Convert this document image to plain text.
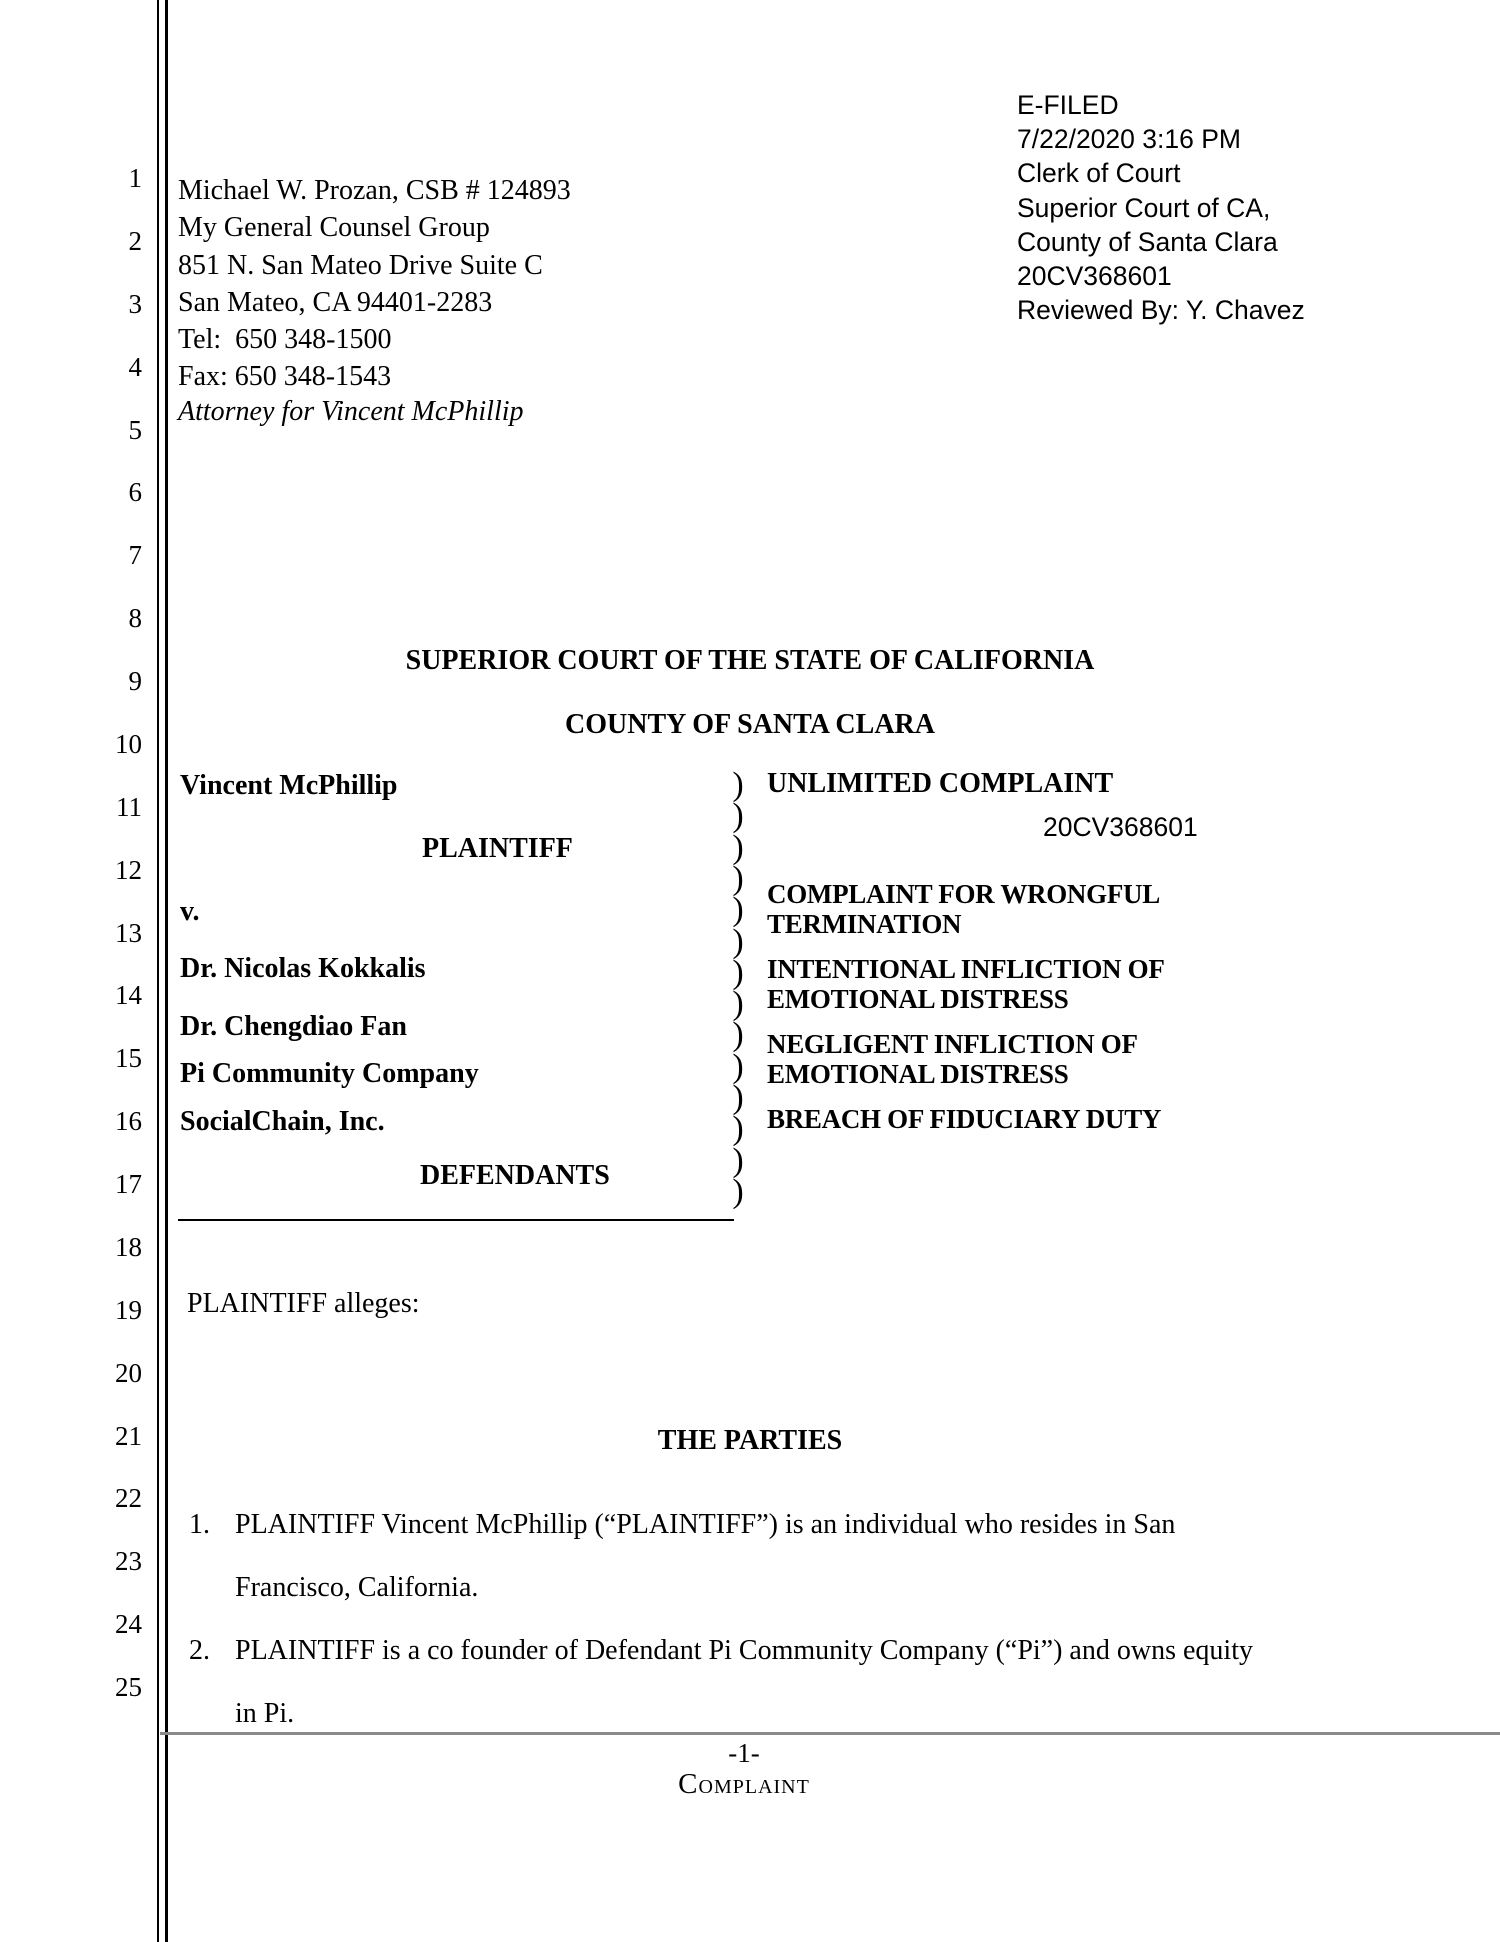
1
2
3
4
5
6
7
8
9
10
11
12
13
14
15
16
17
18
19
20
21
22
23
24
25
E-FILED
7/22/2020 3:16 PM
Clerk of Court
Superior Court of CA,
County of Santa Clara
20CV368601
Reviewed By: Y. Chavez
Michael W. Prozan, CSB # 124893
My General Counsel Group
851 N. San Mateo Drive Suite C
San Mateo, CA 94401-2283
Tel:  650 348-1500
Fax: 650 348-1543
Attorney for Vincent McPhillip
SUPERIOR COURT OF THE STATE OF CALIFORNIA
COUNTY OF SANTA CLARA
Vincent McPhillip
PLAINTIFF
v.
Dr. Nicolas Kokkalis
Dr. Chengdiao Fan
Pi Community Company
SocialChain, Inc.
DEFENDANTS
)
)
)
)
)
)
)
)
)
)
)
)
)
)
UNLIMITED COMPLAINT
20CV368601
COMPLAINT FOR WRONGFUL
TERMINATION
INTENTIONAL INFLICTION OF
EMOTIONAL DISTRESS
NEGLIGENT INFLICTION OF
EMOTIONAL DISTRESS
BREACH OF FIDUCIARY DUTY
PLAINTIFF alleges:
THE PARTIES
1. PLAINTIFF Vincent McPhillip (“PLAINTIFF”) is an individual who resides in San
Francisco, California.
2. PLAINTIFF is a co founder of Defendant Pi Community Company (“Pi”) and owns equity
in Pi.
-1-
Complaint
